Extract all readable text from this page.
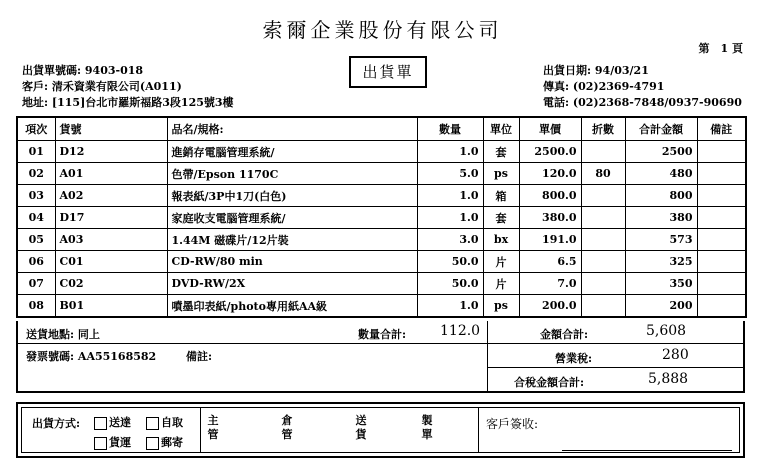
索爾企業股份有限公司
第　1 頁
出貨單
出貨單號碼: 9403-018
客戶: 清禾資業有限公司(A011)
地址: [115]台北市羅斯福路3段125號3樓
出貨日期: 94/03/21
傳真: (02)2369-4791
電話: (02)2368-7848/0937-90690
項次	貨號	品名/規格:	數量	單位	單價	折數	合計金額	備註
01	D12	進銷存電腦管理系統/	1.0	套	2500.0		2500	
02	A01	色帶/Epson 1170C	5.0	ps	120.0	80	480	
03	A02	報表紙/3P中1刀(白色)	1.0	箱	800.0		800	
04	D17	家庭收支電腦管理系統/	1.0	套	380.0		380	
05	A03	1.44M 磁碟片/12片裝	3.0	bx	191.0		573	
06	C01	CD-RW/80 min	50.0	片	6.5		325	
07	C02	DVD-RW/2X	50.0	片	7.0		350	
08	B01	噴墨印表紙/photo專用紙AA級	1.0	ps	200.0		200	
送貨地點: 同上	數量合計: 112.0	金額合計:	5,608
發票號碼: AA55168582	備註:	營業稅:	280
合稅金額合計:	5,888
出貨方式:	送達	自取
貨運	郵寄
主管
倉管
送貨
製單
客戶簽收:
